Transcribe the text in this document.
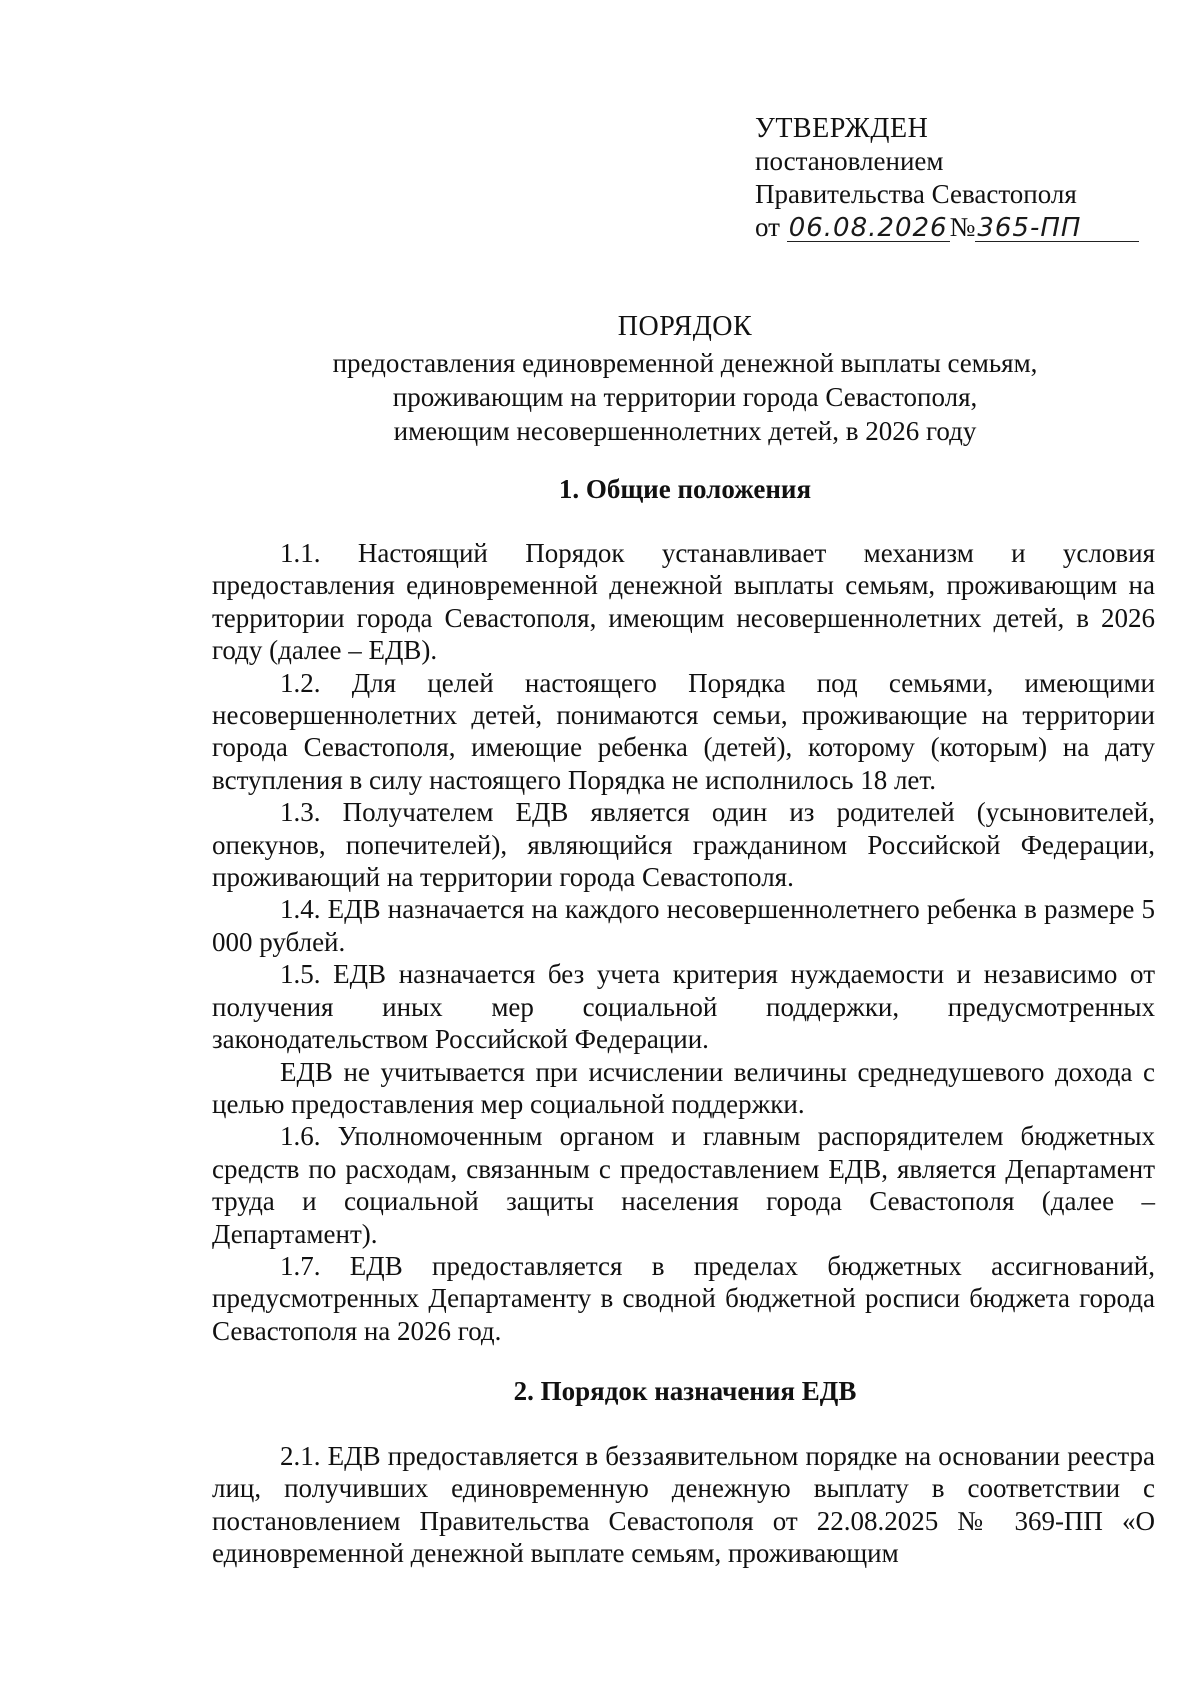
УТВЕРЖДЕН
постановлением
Правительства Севастополя
от 06.08.2026№365-ПП
ПОРЯДОК
предоставления единовременной денежной выплаты семьям,
проживающим на территории города Севастополя,
имеющим несовершеннолетних детей, в 2026 году
1. Общие положения

1.1. Настоящий Порядок устанавливает механизм и условия предоставления единовременной денежной выплаты семьям, проживающим на территории города Севастополя, имеющим несовершеннолетних детей, в 2026 году (далее – ЕДВ).

1.2. Для целей настоящего Порядка под семьями, имеющими несовершеннолетних детей, понимаются семьи, проживающие на территории города Севастополя, имеющие ребенка (детей), которому (которым) на дату вступления в силу настоящего Порядка не исполнилось 18 лет.

1.3. Получателем ЕДВ является один из родителей (усыновителей, опекунов, попечителей), являющийся гражданином Российской Федерации, проживающий на территории города Севастополя.

1.4. ЕДВ назначается на каждого несовершеннолетнего ребенка в размере 5 000 рублей.

1.5. ЕДВ назначается без учета критерия нуждаемости и независимо от получения иных мер социальной поддержки, предусмотренных законодательством Российской Федерации.

ЕДВ не учитывается при исчислении величины среднедушевого дохода с целью предоставления мер социальной поддержки.

1.6. Уполномоченным органом и главным распорядителем бюджетных средств по расходам, связанным с предоставлением ЕДВ, является Департамент труда и социальной защиты населения города Севастополя (далее – Департамент).

1.7. ЕДВ предоставляется в пределах бюджетных ассигнований, предусмотренных Департаменту в сводной бюджетной росписи бюджета города Севастополя на 2026 год.

2. Порядок назначения ЕДВ

2.1. ЕДВ предоставляется в беззаявительном порядке на основании реестра лиц, получивших единовременную денежную выплату в соответствии с постановлением Правительства Севастополя от 22.08.2025 № 369-ПП «О единовременной денежной выплате семьям, проживающим
